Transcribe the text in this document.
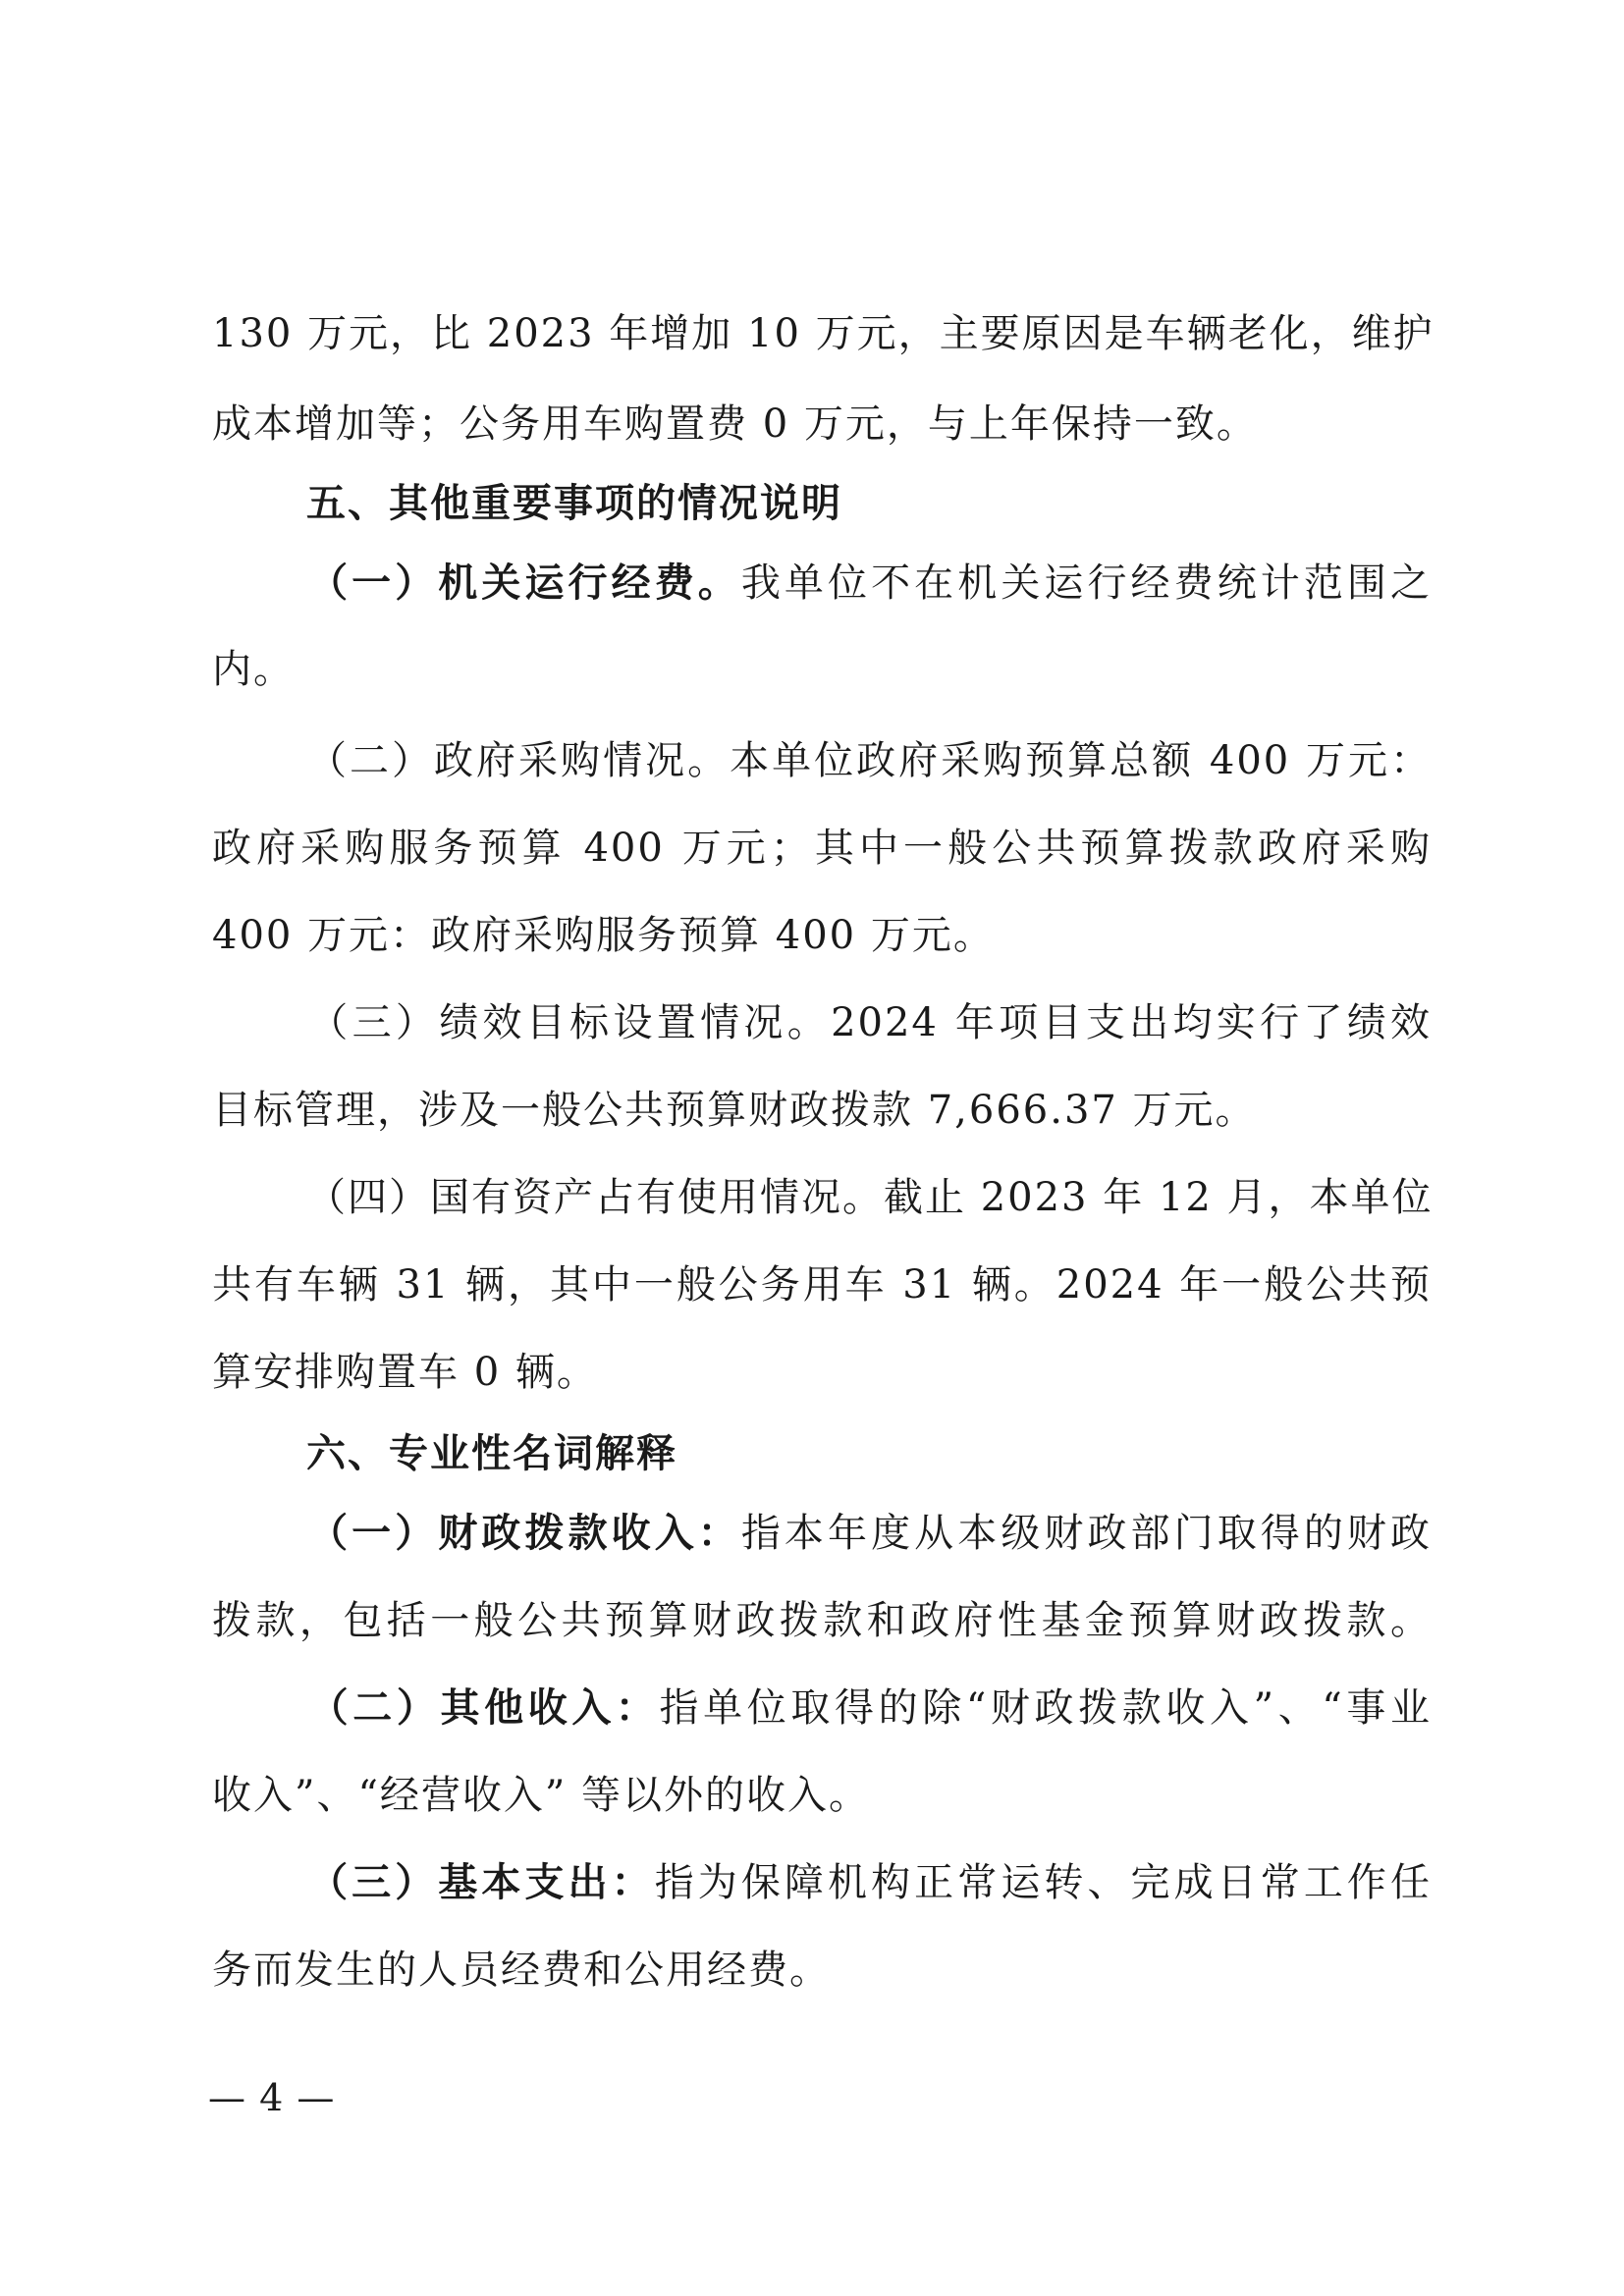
130 万元，比 2023 年增加 10 万元，主要原因是车辆老化，维护
成本增加等；公务用车购置费 0 万元，与上年保持一致。
五、其他重要事项的情况说明
（一）机关运行经费。我单位不在机关运行经费统计范围之
内。
（二）政府采购情况。本单位政府采购预算总额 400 万元：
政府采购服务预算 400 万元；其中一般公共预算拨款政府采购
400 万元：政府采购服务预算 400 万元。
（三）绩效目标设置情况。2024 年项目支出均实行了绩效
目标管理，涉及一般公共预算财政拨款 7,666.37 万元。
（四）国有资产占有使用情况。截止 2023 年 12 月，本单位
共有车辆 31 辆，其中一般公务用车 31 辆。2024 年一般公共预
算安排购置车 0 辆。
六、专业性名词解释
（一）财政拨款收入：指本年度从本级财政部门取得的财政
拨款，包括一般公共预算财政拨款和政府性基金预算财政拨款。
（二）其他收入：指单位取得的除“财政拨款收入”、“事业
收入”、“经营收入” 等以外的收入。
（三）基本支出：指为保障机构正常运转、完成日常工作任
务而发生的人员经费和公用经费。
— 4 —
